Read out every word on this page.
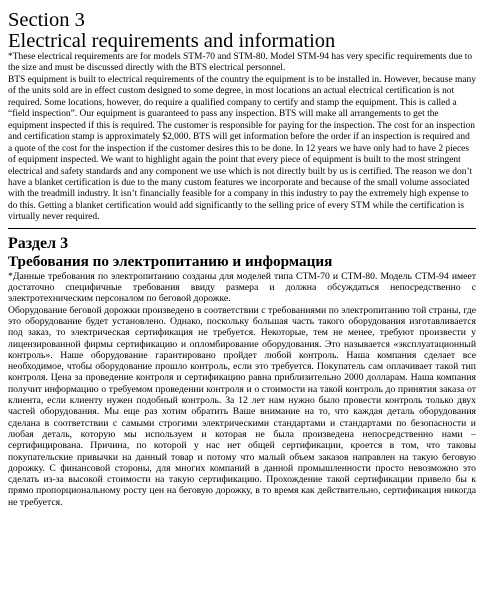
Section 3
Electrical requirements and information

*These electrical requirements are for models STM-70 and STM-80. Model STM-94 has very specific requirements due to the size and must be discussed directly with the BTS electrical personnel.

BTS equipment is built to electrical requirements of the country the equipment is to be installed in. However, because many of the units sold are in effect custom designed to some degree, in most locations an actual electrical certification is not required. Some locations, however, do require a qualified company to certify and stamp the equipment. This is called a “field inspection”. Our equipment is guaranteed to pass any inspection. BTS will make all arrangements to get the equipment inspected if this is required. The customer is responsible for paying for the inspection. The cost for an inspection and certification stamp is approximately $2,000. BTS will get information before the order if an inspection is required and a quote of the cost for the inspection if the customer desires this to be done. In 12 years we have only had to have 2 pieces of equipment inspected. We want to highlight again the point that every piece of equipment is built to the most stringent electrical and safety standards and any component we use which is not directly built by us is certified. The reason we don’t have a blanket certification is due to the many custom features we incorporate and because of the small volume associated with the treadmill industry. It isn’t financially feasible for a company in this industry to pay the extremely high expense to do this. Getting a blanket certification would add significantly to the selling price of every STM while the certification is virtually never required.

Раздел 3
Требования по электропитанию и информация

*Данные требования по электропитанию созданы для моделей типа СТМ-70 и СТМ-80. Модель СТМ-94 имеет достаточно специфичные требования ввиду размера и должна обсуждаться непосредственно с электротехническим персоналом по беговой дорожке.

Оборудование беговой дорожки произведено в соответствии с требованиями по электропитанию той страны, где это оборудование будет установлено. Однако, поскольку большая часть такого оборудования изготавливается под заказ, то электрическая сертификация не требуется. Некоторые, тем не менее, требуют произвести у лицензированной фирмы сертификацию и опломбирование оборудования. Это называется «эксплуатационный контроль». Наше оборудование гарантировано пройдет любой контроль. Наша компания сделает все необходимое, чтобы оборудование прошло контроль, если это требуется. Покупатель сам оплачивает такой тип контроля. Цена за проведение контроля и сертификацию равна приблизительно 2000 долларам. Наша компания получит информацию о требуемом проведении контроля и о стоимости на такой контроль до принятия заказа от клиента, если клиенту нужен подобный контроль. За 12 лет нам нужно было провести контроль только двух частей оборудования. Мы еще раз хотим обратить Ваше внимание на то, что каждая деталь оборудования сделана в соответствии с самыми строгими электрическими стандартами и стандартами по безопасности и любая деталь, которую мы используем и которая не была произведена непосредственно нами – сертифицирована. Причина, по которой у нас нет общей сертификации, кроется в том, что таковы покупательские привычки на данный товар и потому что малый объем заказов направлен на такую беговую дорожку. С финансовой стороны, для многих компаний в данной промышленности просто невозможно это сделать из-за высокой стоимости на такую сертификацию. Прохождение такой сертификации привело бы к прямо пропорциональному росту цен на беговую дорожку, в то время как действительно, сертификация никогда не требуется.
